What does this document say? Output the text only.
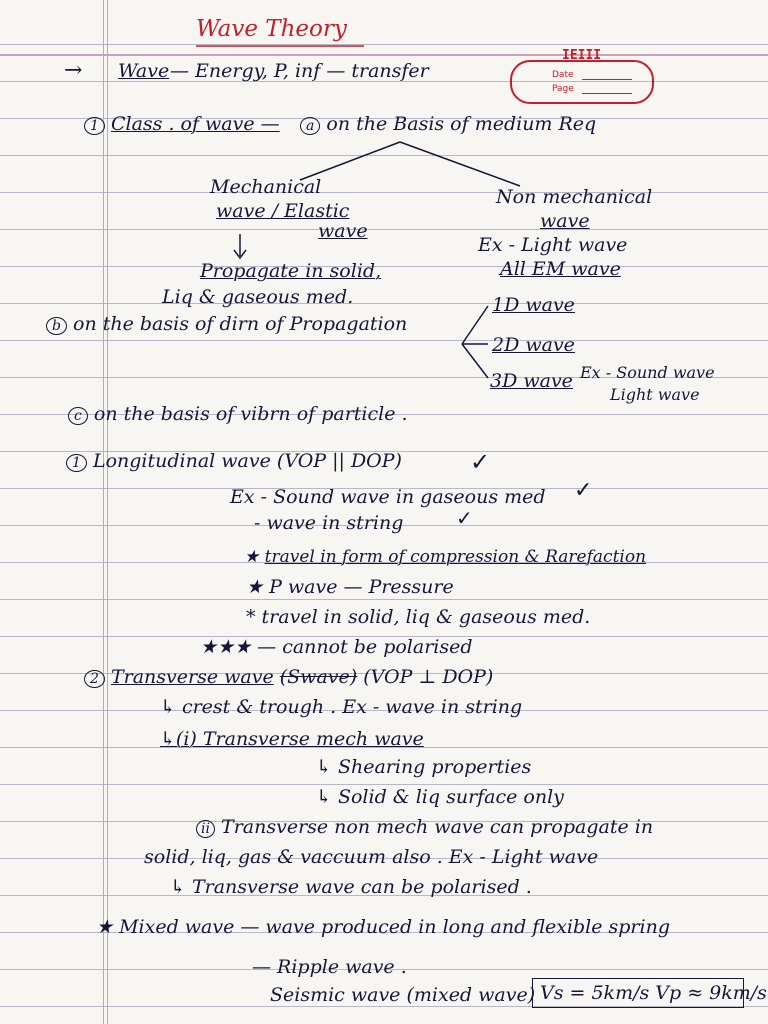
Wave Theory
IEIII
Date
Page
→ Wave — Energy, P, inf — transfer
1 Class . of wave —	a on the Basis of medium Req
Mechanical
wave / Elastic
wave
Non mechanical
wave
Ex - Light wave
All EM wave
Propagate in solid,
Liq & gaseous med.
b on the basis of dirn of Propagation
1D wave
2D wave
3D wave Ex - Sound wave
Light wave
c on the basis of vibrn of particle .
1 Longitudinal wave (VOP || DOP)	✓
Ex - Sound wave in gaseous med ✓
- wave in string	✓
★ travel in form of compression & Rarefaction
★ P wave — Pressure
* travel in solid, liq & gaseous med.
★★★ — cannot be polarised
2 Transverse wave (Swave) (VOP ⊥ DOP)
↳ crest & trough . Ex - wave in string
↳(i) Transverse mech wave
↳ Shearing properties
↳ Solid & liq surface only
ii Transverse non mech wave can propagate in
solid, liq, gas & vaccuum also . Ex - Light wave
↳ Transverse wave can be polarised .
★ Mixed wave — wave produced in long and flexible spring
— Ripple wave .
Seismic wave (mixed wave) Vs = 5km/s Vp ≈ 9km/s
